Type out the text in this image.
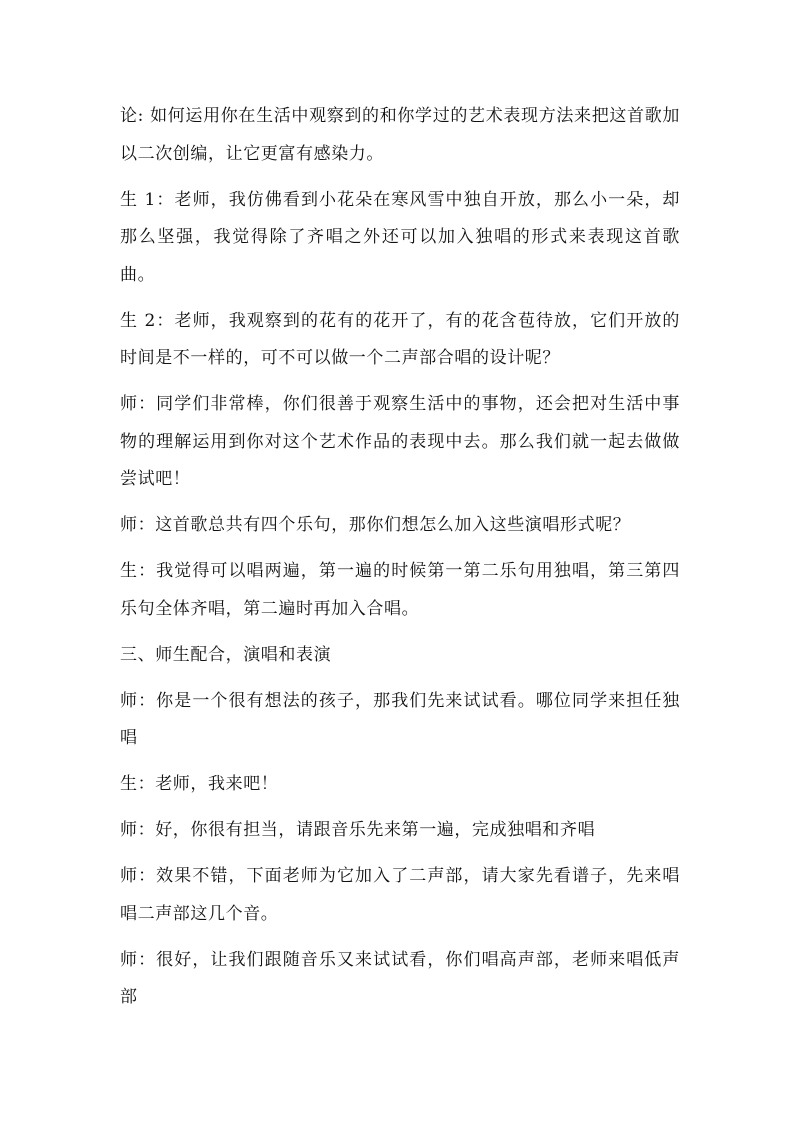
论: 如何运用你在生活中观察到的和你学过的艺术表现方法来把这首歌加以二次创编，让它更富有感染力。

生 1：老师，我仿佛看到小花朵在寒风雪中独自开放，那么小一朵，却那么坚强，我觉得除了齐唱之外还可以加入独唱的形式来表现这首歌曲。

生 2：老师，我观察到的花有的花开了，有的花含苞待放，它们开放的时间是不一样的，可不可以做一个二声部合唱的设计呢？

师：同学们非常棒，你们很善于观察生活中的事物，还会把对生活中事物的理解运用到你对这个艺术作品的表现中去。那么我们就一起去做做尝试吧！

师：这首歌总共有四个乐句，那你们想怎么加入这些演唱形式呢？

生：我觉得可以唱两遍，第一遍的时候第一第二乐句用独唱，第三第四乐句全体齐唱，第二遍时再加入合唱。

三、师生配合，演唱和表演

师：你是一个很有想法的孩子，那我们先来试试看。哪位同学来担任独唱

生：老师，我来吧！

师：好，你很有担当，请跟音乐先来第一遍，完成独唱和齐唱

师：效果不错，下面老师为它加入了二声部，请大家先看谱子，先来唱唱二声部这几个音。

师：很好，让我们跟随音乐又来试试看，你们唱高声部，老师来唱低声部
